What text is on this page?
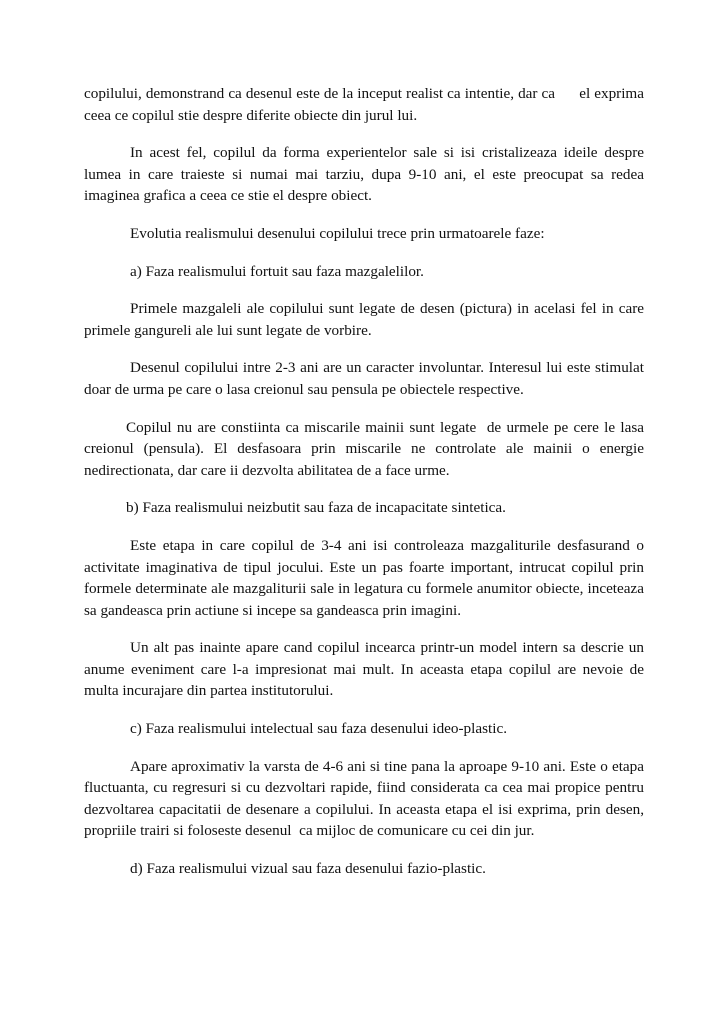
copilului, demonstrand ca desenul este de la inceput realist ca intentie, dar ca      el exprima ceea ce copilul stie despre diferite obiecte din jurul lui.

In acest fel, copilul da forma experientelor sale si isi cristalizeaza ideile despre lumea in care traieste si numai mai tarziu, dupa 9-10 ani, el este preocupat sa redea imaginea grafica a ceea ce stie el despre obiect.

Evolutia realismului desenului copilului trece prin urmatoarele faze:

a) Faza realismului fortuit sau faza mazgalelilor.

Primele mazgaleli ale copilului sunt legate de desen (pictura) in acelasi fel in care primele gangureli ale lui sunt legate de vorbire.

Desenul copilului intre 2-3 ani are un caracter involuntar. Interesul lui este stimulat doar de urma pe care o lasa creionul sau pensula pe obiectele respective.

Copilul nu are constiinta ca miscarile mainii sunt legate  de urmele pe cere le lasa creionul (pensula). El desfasoara prin miscarile ne controlate ale mainii o energie nedirectionata, dar care ii dezvolta abilitatea de a face urme.

b) Faza realismului neizbutit sau faza de incapacitate sintetica.

Este etapa in care copilul de 3-4 ani isi controleaza mazgaliturile desfasurand o activitate imaginativa de tipul jocului. Este un pas foarte important, intrucat copilul prin formele determinate ale mazgaliturii sale in legatura cu formele anumitor obiecte, inceteaza sa gandeasca prin actiune si incepe sa gandeasca prin imagini.

Un alt pas inainte apare cand copilul incearca printr-un model intern sa descrie un anume eveniment care l-a impresionat mai mult. In aceasta etapa copilul are nevoie de multa incurajare din partea institutorului.

c) Faza realismului intelectual sau faza desenului ideo-plastic.

Apare aproximativ la varsta de 4-6 ani si tine pana la aproape 9-10 ani. Este o etapa fluctuanta, cu regresuri si cu dezvoltari rapide, fiind considerata ca cea mai propice pentru dezvoltarea capacitatii de desenare a copilului. In aceasta etapa el isi exprima, prin desen, propriile trairi si foloseste desenul  ca mijloc de comunicare cu cei din jur.

d) Faza realismului vizual sau faza desenului fazio-plastic.
